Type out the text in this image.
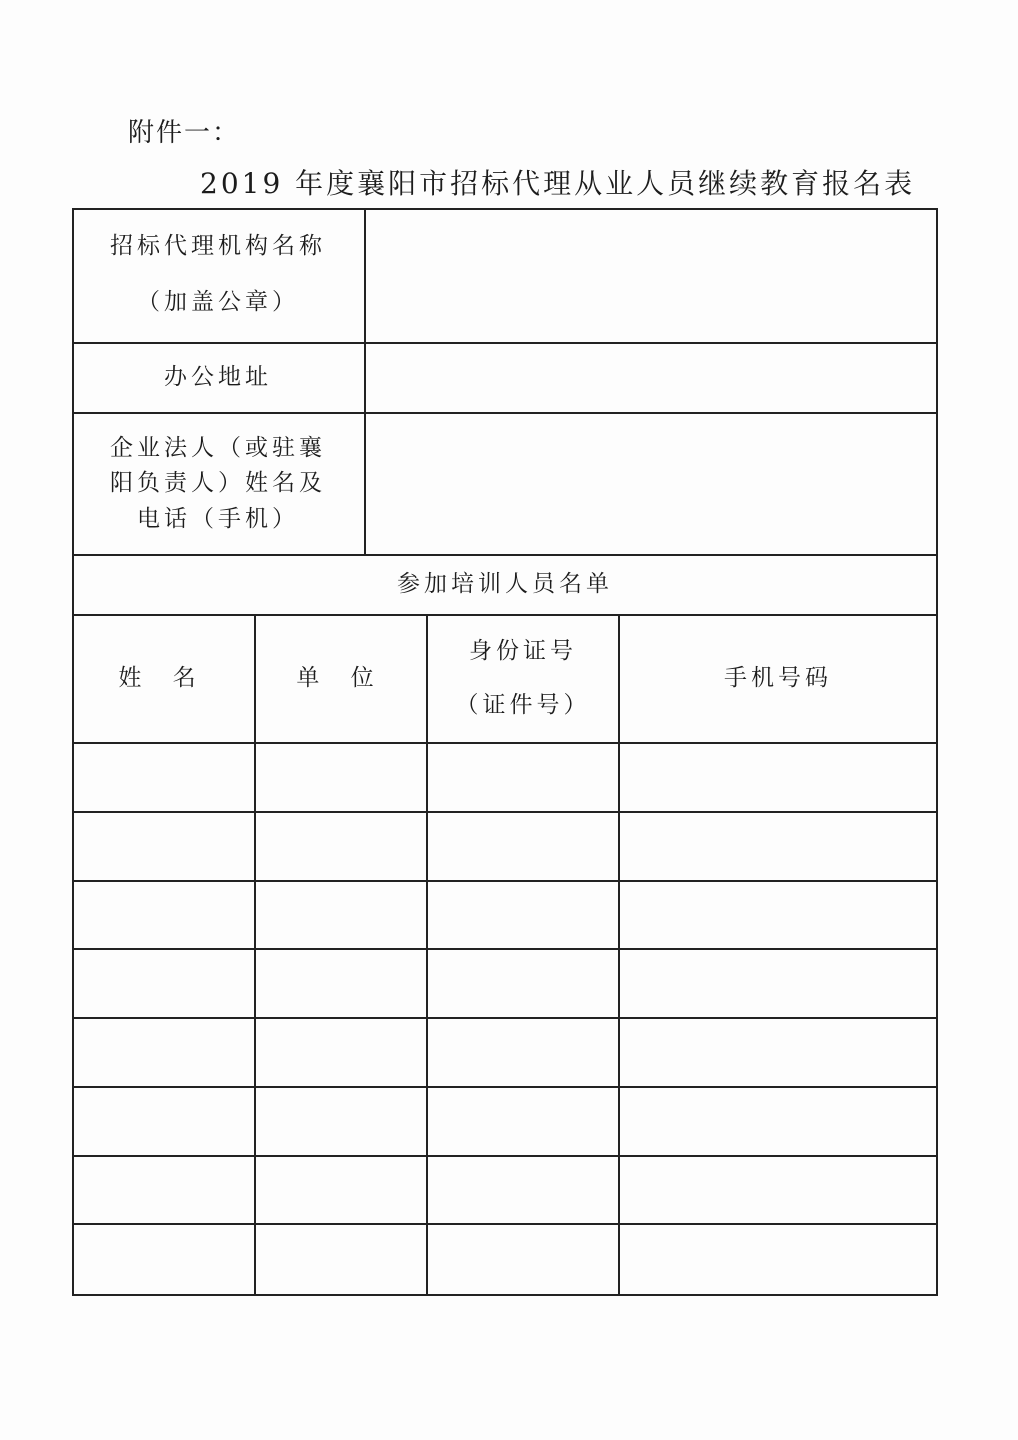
附件一：
2019 年度襄阳市招标代理从业人员继续教育报名表
招标代理机构名称
（加盖公章）
办公地址
企业法人（或驻襄
阳负责人）姓名及
电话（手机）
参加培训人员名单
姓 名	单 位
身份证号
（证件号）
手机号码
